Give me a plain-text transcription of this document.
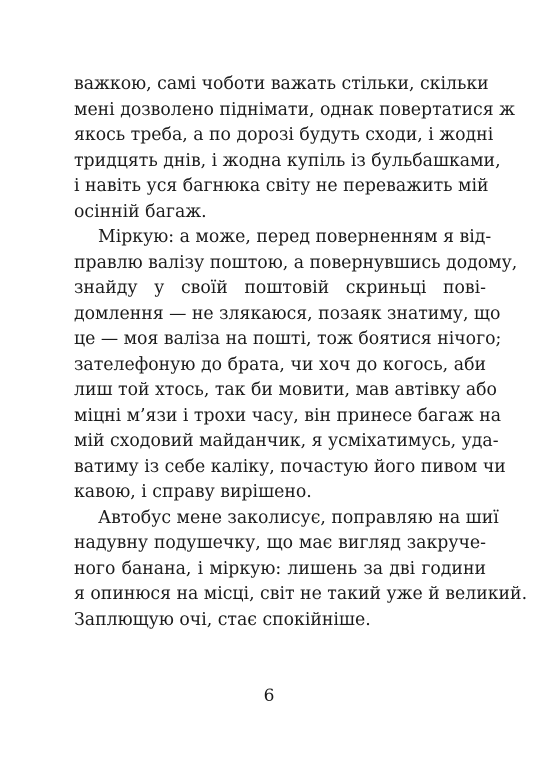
важкою, самі чоботи важать стільки, скільки
мені дозволено піднімати, однак повертатися ж
якось треба, а по дорозі будуть сходи, і жодні
тридцять днів, і жодна купіль із бульбашками,
і навіть уся багнюка світу не переважить мій
осінній багаж.
Міркую: а може, перед поверненням я від-
правлю валізу поштою, а повернувшись додому,
знайду у своїй поштовій скриньці пові-
домлення — не злякаюся, позаяк знатиму, що
це — моя валіза на пошті, тож боятися нічого;
зателефоную до брата, чи хоч до когось, аби
лиш той хтось, так би мовити, мав автівку або
міцні м’язи і трохи часу, він принесе багаж на
мій сходовий майданчик, я усміхатимусь, уда-
ватиму із себе каліку, почастую його пивом чи
кавою, і справу вирішено.
Автобус мене заколисує, поправляю на шиї
надувну подушечку, що має вигляд закруче-
ного банана, і міркую: лишень за дві години
я опинюся на місці, світ не такий уже й великий.
Заплющую очі, стає спокійніше.
6
